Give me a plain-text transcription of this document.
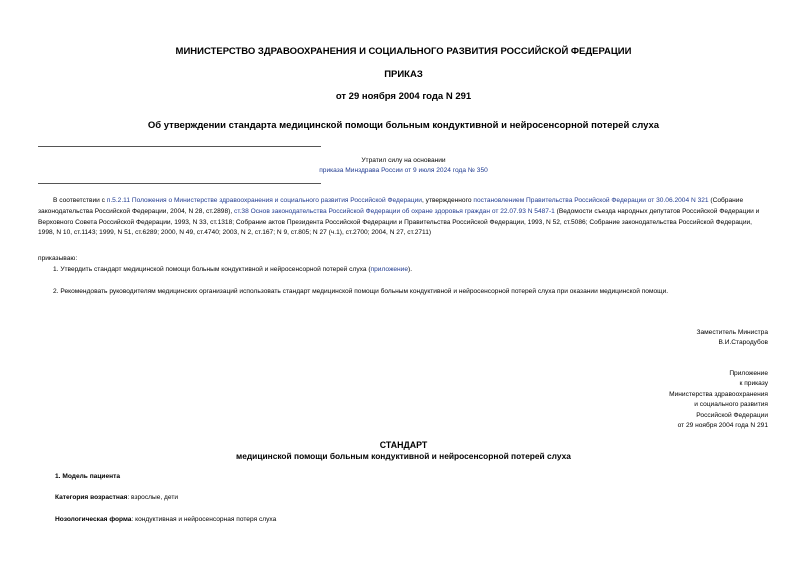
МИНИСТЕРСТВО ЗДРАВООХРАНЕНИЯ И СОЦИАЛЬНОГО РАЗВИТИЯ РОССИЙСКОЙ ФЕДЕРАЦИИ
ПРИКАЗ
от 29 ноября 2004 года N 291
Об утверждении стандарта медицинской помощи больным кондуктивной и нейросенсорной потерей слуха
Утратил силу на основании
приказа Минздрава России от 9 июля 2024 года № 350
В соответствии с п.5.2.11 Положения о Министерстве здравоохранения и социального развития Российской Федерации, утвержденного постановлением Правительства Российской Федерации от 30.06.2004 N 321 (Собрание законодательства Российской Федерации, 2004, N 28, ст.2898), ст.38 Основ законодательства Российской Федерации об охране здоровья граждан от 22.07.93 N 5487-1 (Ведомости съезда народных депутатов Российской Федерации и Верховного Совета Российской Федерации, 1993, N 33, ст.1318; Собрание актов Президента Российской Федерации и Правительства Российской Федерации, 1993, N 52, ст.5086; Собрание законодательства Российской Федерации, 1998, N 10, ст.1143; 1999, N 51, ст.6289; 2000, N 49, ст.4740; 2003, N 2, ст.167; N 9, ст.805; N 27 (ч.1), ст.2700; 2004, N 27, ст.2711)
приказываю:
1. Утвердить стандарт медицинской помощи больным кондуктивной и нейросенсорной потерей слуха (приложение).
2. Рекомендовать руководителям медицинских организаций использовать стандарт медицинской помощи больным кондуктивной и нейросенсорной потерей слуха при оказании медицинской помощи.
Заместитель Министра
В.И.Стародубов
Приложение
к приказу
Министерства здравоохранения
и социального развития
Российской Федерации
от 29 ноября 2004 года N 291
СТАНДАРТ
медицинской помощи больным кондуктивной и нейросенсорной потерей слуха
1. Модель пациента
Категория возрастная: взрослые, дети
Нозологическая форма: кондуктивная и нейросенсорная потеря слуха
